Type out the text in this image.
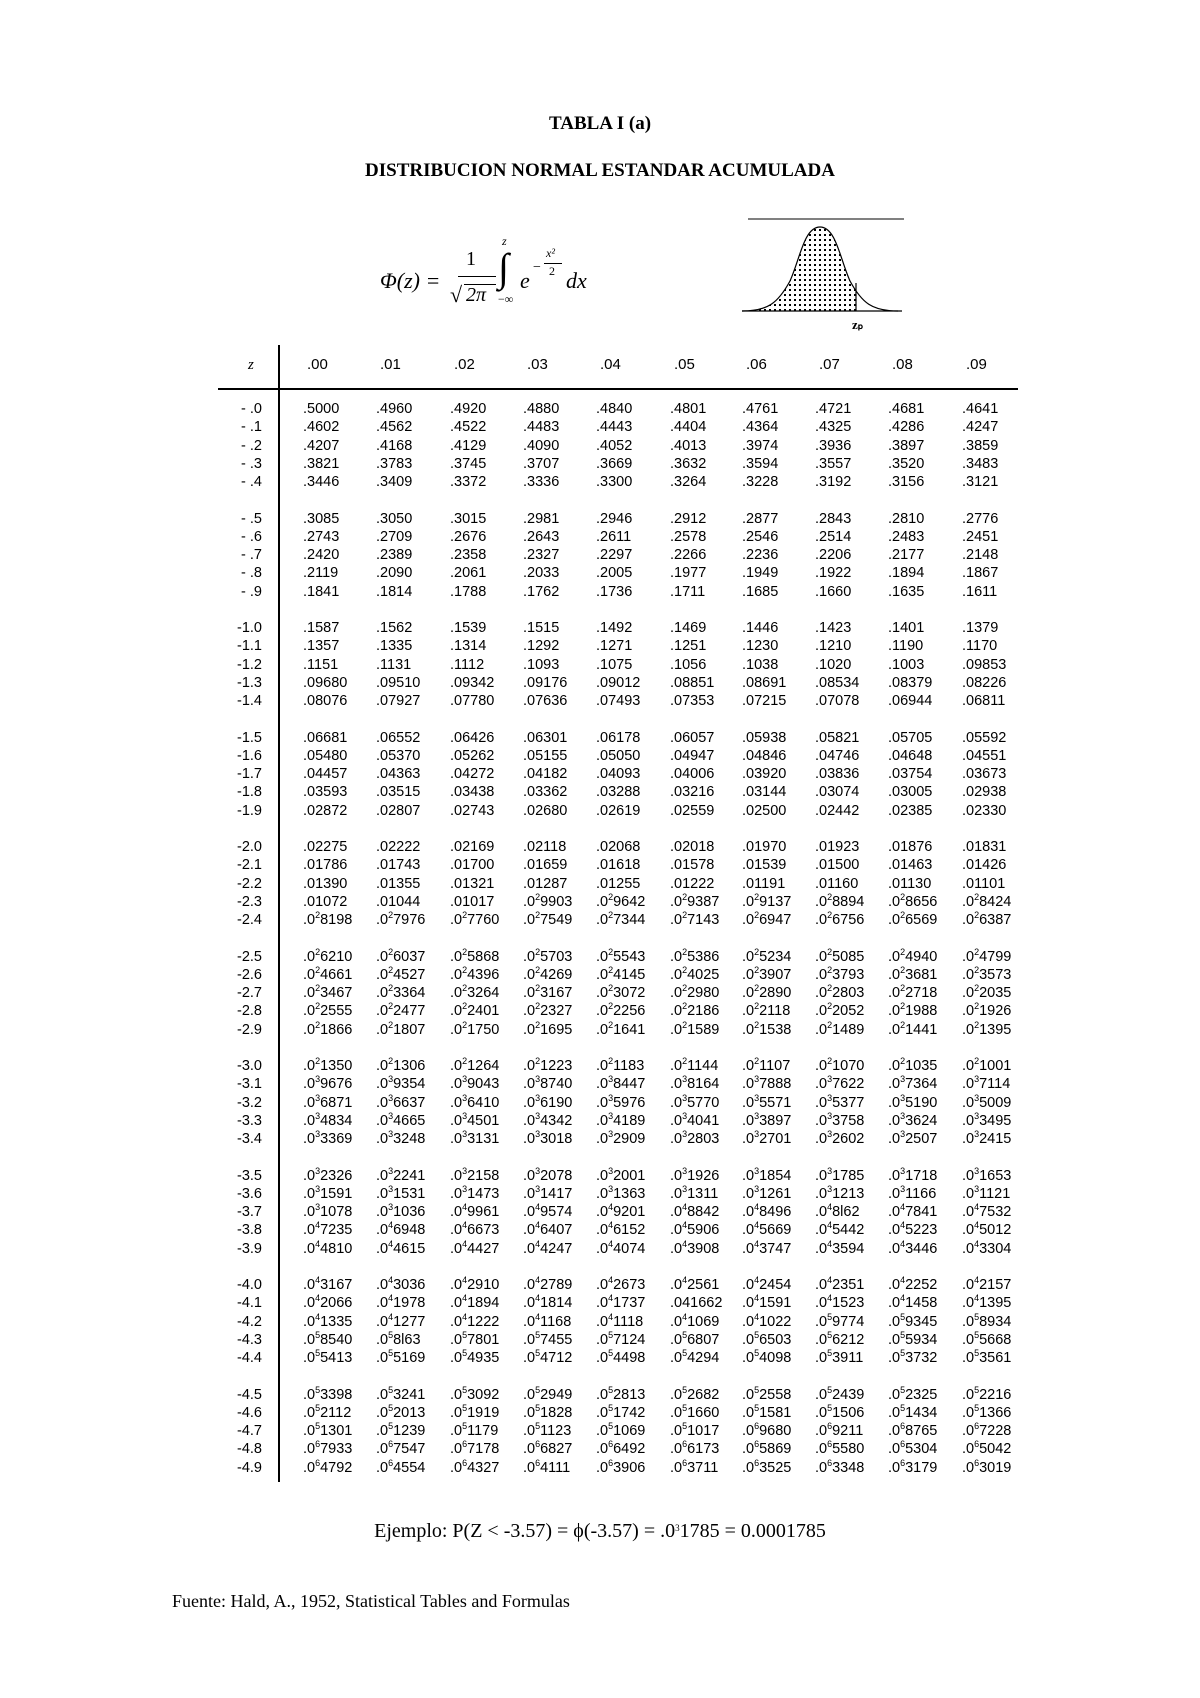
TABLA I (a)
DISTRIBUCION NORMAL ESTANDAR ACUMULADA
Φ(z) =
1
√ 2π
∫
z
−∞
e
−
x²
2 dx
zₚ
z	.00	.01	.02	.03	.04	.05	.06	.07	.08	.09
- .0	.5000	.4960	.4920	.4880	.4840	.4801 .4761	.4721	.4681	.4641
- .1	.4602	.4562	.4522	.4483	.4443	.4404 .4364	.4325	.4286	.4247
- .2	.4207	.4168	.4129	.4090	.4052	.4013 .3974	.3936	.3897	.3859
- .3	.3821	.3783	.3745	.3707	.3669	.3632 .3594	.3557	.3520	.3483
- .4	.3446	.3409	.3372	.3336	.3300	.3264 .3228	.3192	.3156	.3121
- .5	.3085	.3050	.3015	.2981	.2946	.2912 .2877	.2843	.2810	.2776
- .6	.2743	.2709	.2676	.2643	.2611	.2578 .2546	.2514	.2483	.2451
- .7	.2420	.2389	.2358	.2327	.2297	.2266 .2236	.2206	.2177	.2148
- .8	.2119	.2090	.2061	.2033	.2005	.1977 .1949	.1922	.1894	.1867
- .9	.1841	.1814	.1788	.1762	.1736	.1711	.1685	.1660	.1635	.1611
-1.0	.1587	.1562	.1539	.1515	.1492	.1469 .1446	.1423	.1401	.1379
-1.1	.1357	.1335	.1314	.1292	.1271	.1251 .1230	.1210	.1190	.1170
-1.2	.1151	.1131	.1112	.1093	.1075	.1056 .1038	.1020	.1003	.09853
-1.3	.09680 .09510 .09342 .09176 .09012 .08851 .08691 .08534 .08379 .08226
-1.4	.08076 .07927 .07780 .07636 .07493 .07353 .07215 .07078 .06944 .06811
-1.5	.06681 .06552 .06426 .06301 .06178 .06057 .05938 .05821 .05705 .05592
-1.6	.05480 .05370 .05262 .05155 .05050 .04947 .04846 .04746 .04648 .04551
-1.7	.04457 .04363 .04272 .04182 .04093 .04006 .03920 .03836 .03754 .03673
-1.8	.03593 .03515 .03438 .03362 .03288 .03216 .03144 .03074 .03005 .02938
-1.9	.02872 .02807 .02743 .02680 .02619 .02559 .02500 .02442 .02385 .02330
-2.0	.02275 .02222 .02169 .02118 .02068 .02018 .01970 .01923 .01876 .01831
-2.1	.01786 .01743 .01700 .01659 .01618 .01578 .01539 .01500 .01463 .01426
-2.2	.01390 .01355 .01321 .01287 .01255 .01222 .01191 .01160 .01130 .01101
-2.3	.01072 .01044 .01017 $.0^29903$ $.0^29642$ $.0^29387$ $.0^29137$ $.0^28894$ $.0^28656$ $.0^28424$
-2.4	$.0^28198$ $.0^27976$ $.0^27760$ $.0^27549$ $.0^27344$ $.0^27143$ $.0^26947$ $.0^26756$ $.0^26569$ $.0^26387$
-2.5	$.0^26210$ $.0^26037$ $.0^25868$ $.0^25703$ $.0^25543$ $.0^25386$ $.0^25234$ $.0^25085$ $.0^24940$ $.0^24799$
-2.6	$.0^24661$ $.0^24527$ $.0^24396$ $.0^24269$ $.0^24145$ $.0^24025$ $.0^23907$ $.0^23793$ $.0^23681$ $.0^23573$
-2.7	$.0^23467$ $.0^23364$ $.0^23264$ $.0^23167$ $.0^23072$ $.0^22980$ $.0^22890$ $.0^22803$ $.0^22718$ $.0^22035$
-2.8	$.0^22555$ $.0^22477$ $.0^22401$ $.0^22327$ $.0^22256$ $.0^22186$ $.0^22118$ $.0^22052$ $.0^21988$ $.0^21926$
-2.9	$.0^21866$ $.0^21807$ $.0^21750$ $.0^21695$ $.0^21641$ $.0^21589$ $.0^21538$ $.0^21489$ $.0^21441$ $.0^21395$
-3.0	$.0^21350$ $.0^21306$ $.0^21264$ $.0^21223$ $.0^21183$ $.0^21144$ $.0^21107$ $.0^21070$ $.0^21035$ $.0^21001$
-3.1	$.0^39676$ $.0^39354$ $.0^39043$ $.0^38740$ $.0^38447$ $.0^38164$ $.0^37888$ $.0^37622$ $.0^37364$ $.0^37114$
-3.2	$.0^36871$ $.0^36637$ $.0^36410$ $.0^36190$ $.0^35976$ $.0^35770$ $.0^35571$ $.0^35377$ $.0^35190$ $.0^35009$
-3.3	$.0^34834$ $.0^34665$ $.0^34501$ $.0^34342$ $.0^34189$ $.0^34041$ $.0^33897$ $.0^33758$ $.0^33624$ $.0^33495$
-3.4	$.0^33369$ $.0^33248$ $.0^33131$ $.0^33018$ $.0^32909$ $.0^32803$ $.0^32701$ $.0^32602$ $.0^32507$ $.0^32415$
-3.5	$.0^32326$ $.0^32241$ $.0^32158$ $.0^32078$ $.0^32001$ $.0^31926$ $.0^31854$ $.0^31785$ $.0^31718$ $.0^31653$
-3.6	$.0^31591$ $.0^31531$ $.0^31473$ $.0^31417$ $.0^31363$ $.0^31311$ $.0^31261$ $.0^31213$ $.0^31166$ $.0^31121$
-3.7	$.0^31078$ $.0^31036$ $.0^49961$ $.0^49574$ $.0^49201$ $.0^48842$ $.0^48496$ $.0^48l62$ $.0^47841$ $.0^47532$
-3.8	$.0^47235$ $.0^46948$ $.0^46673$ $.0^46407$ $.0^46152$ $.0^45906$ $.0^45669$ $.0^45442$ $.0^45223$ $.0^45012$
-3.9	$.0^44810$ $.0^44615$ $.0^44427$ $.0^44247$ $.0^44074$ $.0^43908$ $.0^43747$ $.0^43594$ $.0^43446$ $.0^43304$
-4.0	$.0^43167$ $.0^43036$ $.0^42910$ $.0^42789$ $.0^42673$ $.0^42561$ $.0^42454$ $.0^42351$ $.0^42252$ $.0^42157$
-4.1	$.0^42066$ $.0^41978$ $.0^41894$ $.0^41814$ $.0^41737$ .041662 $.0^41591$ $.0^41523$ $.0^41458$ $.0^41395$
-4.2	$.0^41335$ $.0^41277$ $.0^41222$ $.0^41168$ $.0^41118$ $.0^41069$ $.0^41022$ $.0^59774$ $.0^59345$ $.0^58934$
-4.3	$.0^58540$ $.0^58l63$ $.0^57801$ $.0^57455$ $.0^57124$ $.0^56807$ $.0^56503$ $.0^56212$ $.0^55934$ $.0^55668$
-4.4	$.0^55413$ $.0^55169$ $.0^54935$ $.0^54712$ $.0^54498$ $.0^54294$ $.0^54098$ $.0^53911$ $.0^53732$ $.0^53561$
-4.5	$.0^53398$ $.0^53241$ $.0^53092$ $.0^52949$ $.0^52813$ $.0^52682$ $.0^52558$ $.0^52439$ $.0^52325$ $.0^52216$
-4.6	$.0^52112$ $.0^52013$ $.0^51919$ $.0^51828$ $.0^51742$ $.0^51660$ $.0^51581$ $.0^51506$ $.0^51434$ $.0^51366$
-4.7	$.0^51301$ $.0^51239$ $.0^51179$ $.0^51123$ $.0^51069$ $.0^51017$ $.0^69680$ $.0^69211$ $.0^68765$ $.0^67228$
-4.8	$.0^67933$ $.0^67547$ $.0^67178$ $.0^66827$ $.0^66492$ $.0^66173$ $.0^65869$ $.0^65580$ $.0^65304$ $.0^65042$
-4.9	$.0^64792$ $.0^64554$ $.0^64327$ $.0^64111$ $.0^63906$ $.0^63711$ $.0^63525$ $.0^63348$ $.0^63179$ $.0^63019$
Ejemplo: $P(Z < -3.57) = \phi(-3.57) = .0^31785 = 0.0001785$
Fuente: Hald, A., 1952, Statistical Tables and Formulas
